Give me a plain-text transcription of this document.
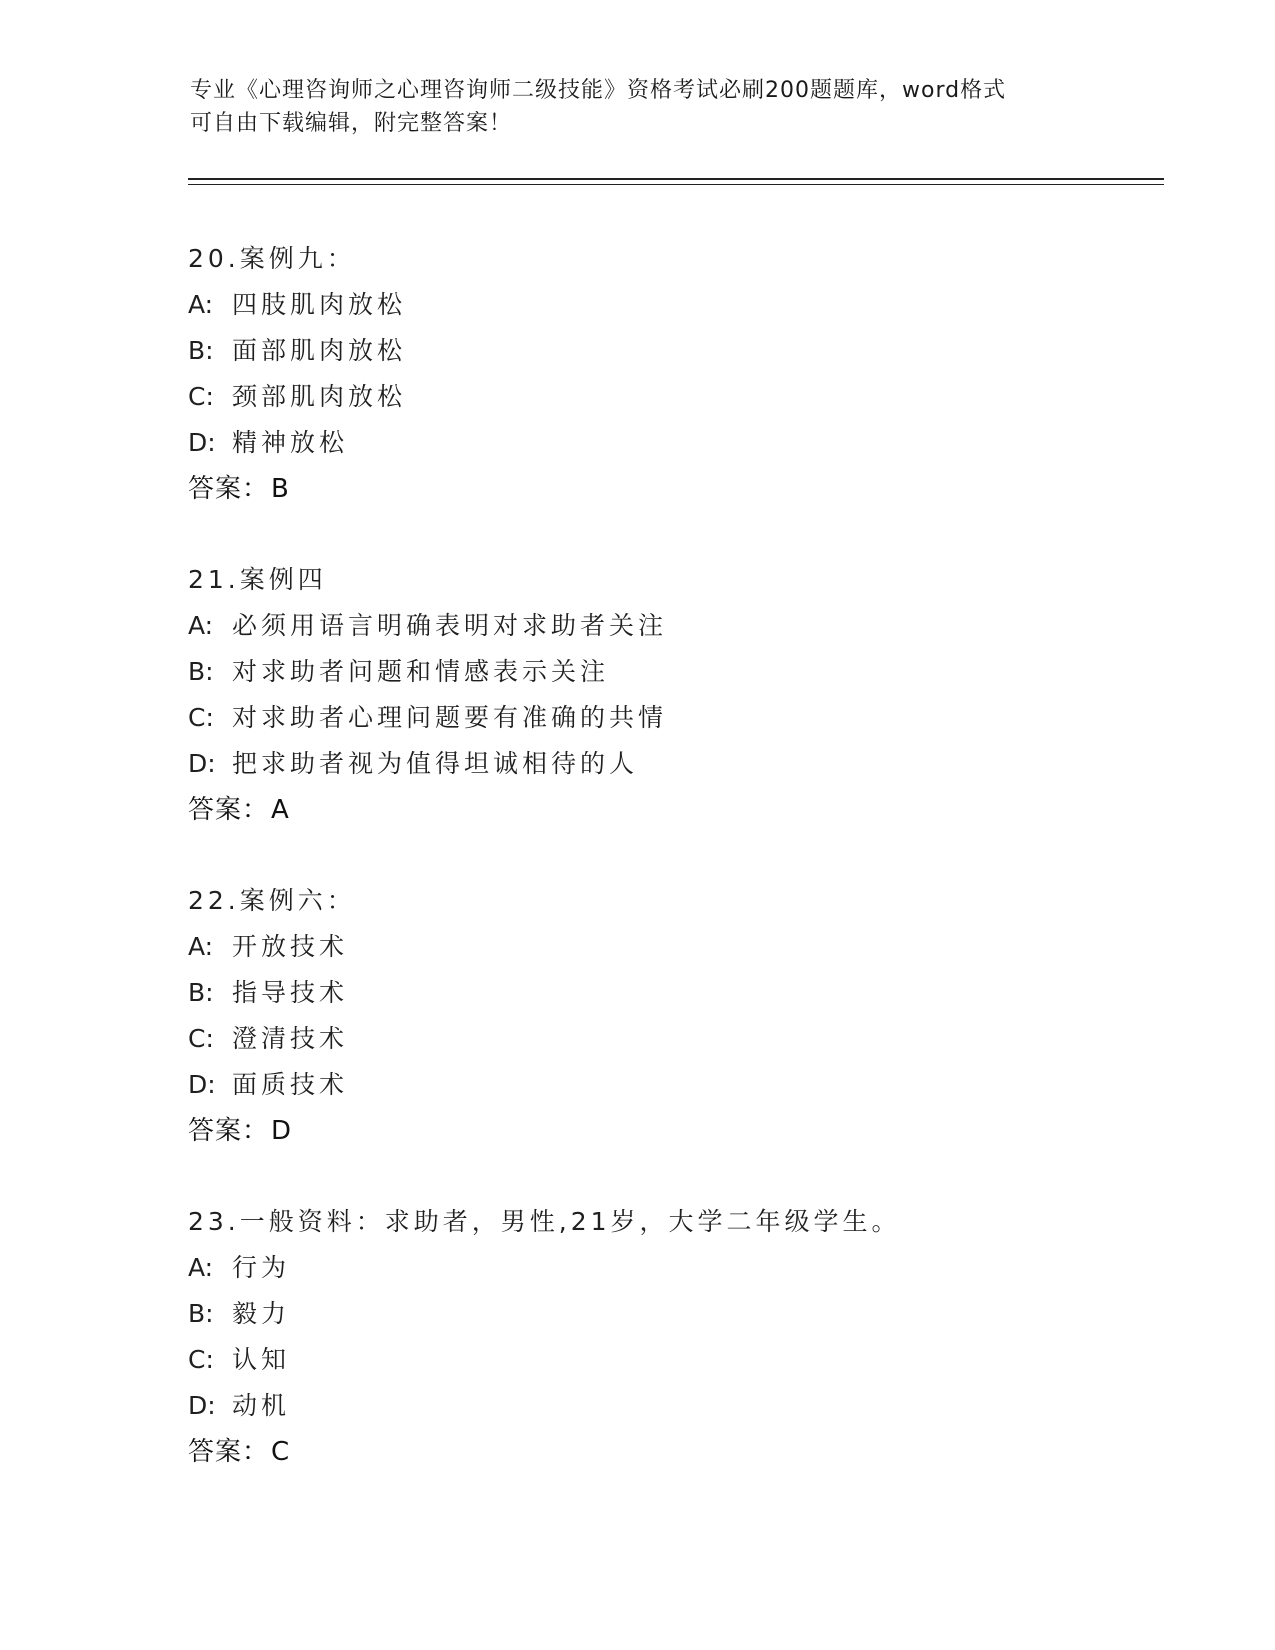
专业《心理咨询师之心理咨询师二级技能》资格考试必刷200题题库，word格式
可自由下载编辑，附完整答案！
20.案例九：
A: 四肢肌肉放松
B: 面部肌肉放松
C: 颈部肌肉放松
D: 精神放松
答案：B
21.案例四
A: 必须用语言明确表明对求助者关注
B: 对求助者问题和情感表示关注
C: 对求助者心理问题要有准确的共情
D: 把求助者视为值得坦诚相待的人
答案：A
22.案例六：
A: 开放技术
B: 指导技术
C: 澄清技术
D: 面质技术
答案：D
23.一般资料：求助者，男性,21岁，大学二年级学生。
A: 行为
B: 毅力
C: 认知
D: 动机
答案：C
